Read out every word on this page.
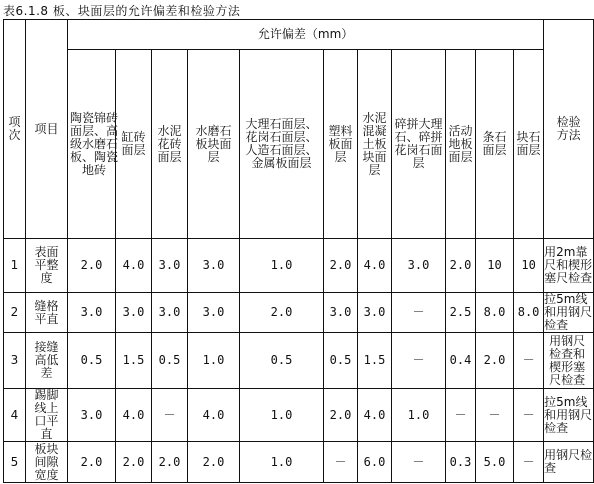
表6.1.8 板、块面层的允许偏差和检验方法
项次	项目	允许偏差（mm）											检验方法

		陶瓷锦砖面层、高级水磨石板、陶瓷地砖	缸砖面层	水泥花砖面层	水磨石板块面层	大理石面层、花岗石面层、人造石面层、金属板面层	塑料板面层	水泥混凝土板块面层	碎拼大理石、碎拼花岗石面层	活动地板面层	条石面层	块石面层	

1	表面平整度	2.0	4.0	3.0	3.0	1.0	2.0	4.0	3.0	2.0	10	10	用2m靠尺和楔形塞尺检查

2	缝格平直	3.0	3.0	3.0	3.0	2.0	3.0	3.0	－	2.5	8.0	8.0	拉5m线和用钢尺检查

3	接缝高低差	0.5	1.5	0.5	1.0	0.5	0.5	1.5	－	0.4	2.0	－	用钢尺检查和楔形塞尺检查

4	踢脚线上口平直	3.0	4.0	－	4.0	1.0	2.0	4.0	1.0	－	－	－	拉5m线和用钢尺检查

5	板块间隙宽度	2.0	2.0	2.0	2.0	1.0	－	6.0	－	0.3	5.0	－	用钢尺检查
